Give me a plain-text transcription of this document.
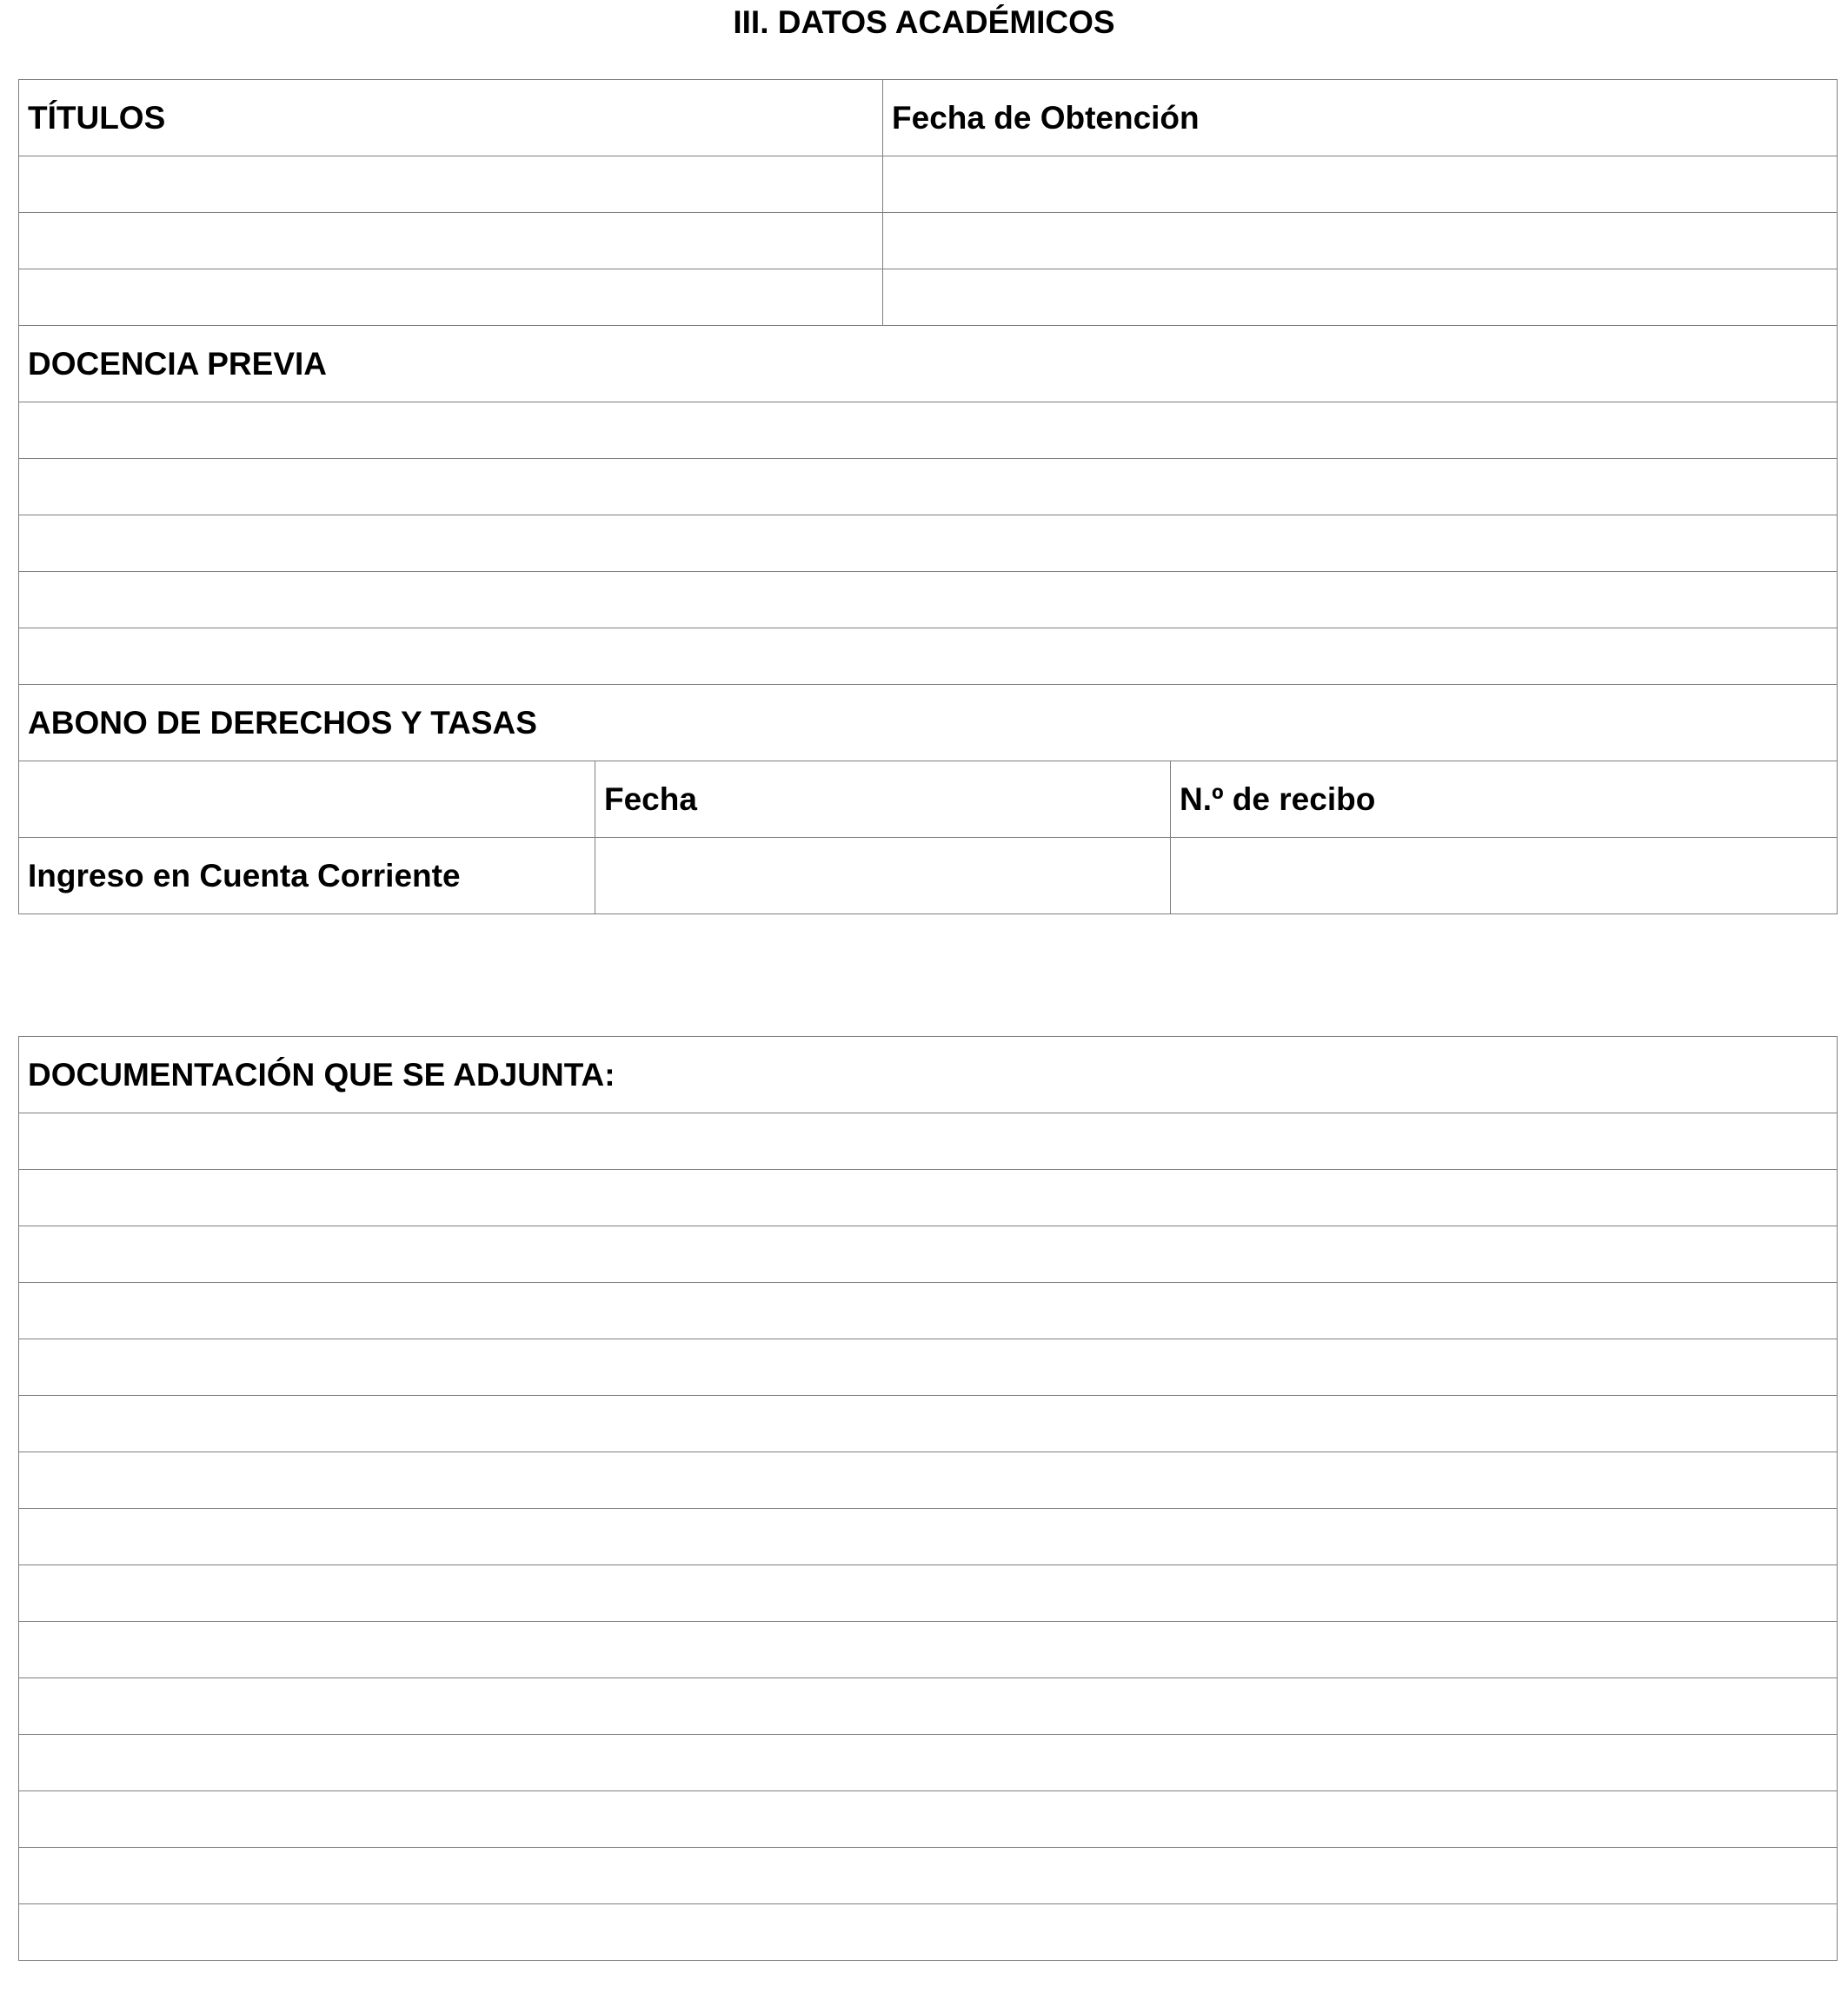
III. DATOS ACADÉMICOS
TÍTULOS		Fecha de Obtención	

DOCENCIA PREVIA			

ABONO DE DERECHOS Y TASAS			
	Fecha		N.º de recibo
Ingreso en Cuenta Corriente			
DOCUMENTACIÓN QUE SE ADJUNTA:
